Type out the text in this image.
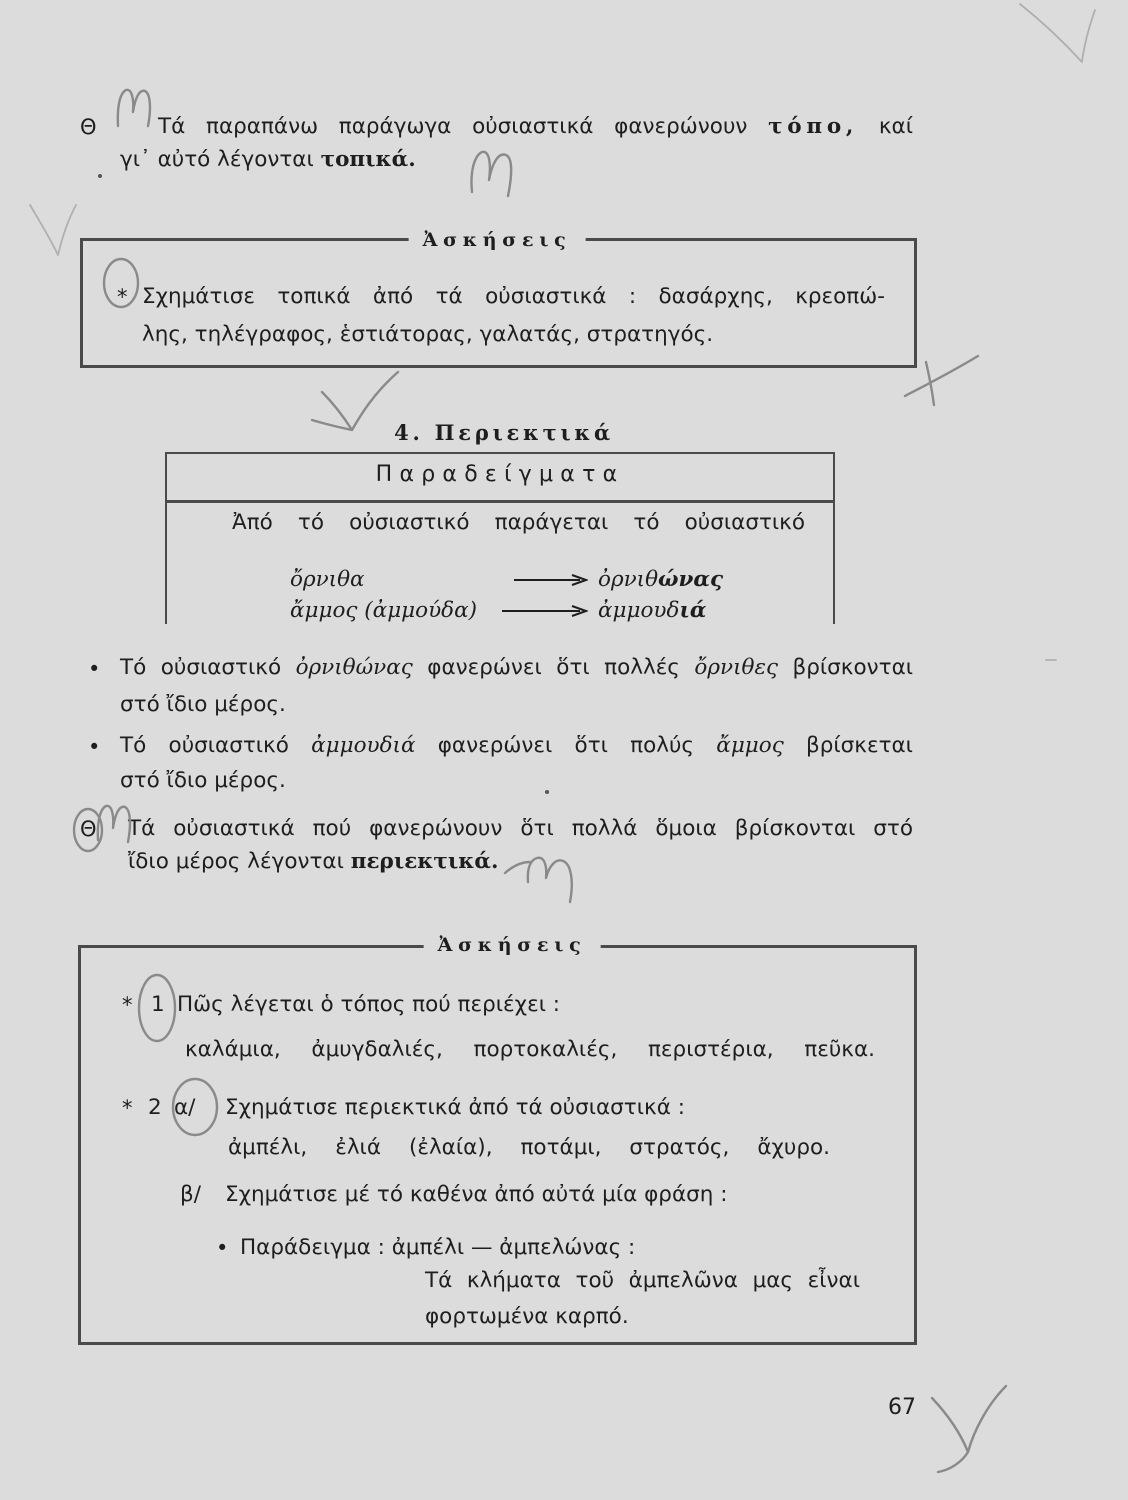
Θ	Τά παραπάνω παράγωγα οὐσιαστικά φανερώνουν τόπο, καί
γι᾽ αὐτό λέγονται τοπικά.
Ἀσκήσεις
* Σχημάτισε τοπικά ἀπό τά οὐσιαστικά : δασάρχης, κρεοπώ-
λης, τηλέγραφος, ἑστιάτορας, γαλατάς, στρατηγός.
4. Περιεκτικά
Παραδείγματα
Ἀπό τό οὐσιαστικό παράγεται τό οὐσιαστικό
ὄρνιθα	ὀρνιθώνας
ἄμμος (ἀμμούδα)	ἀμμουδιά
• Τό οὐσιαστικό ὀρνιθώνας φανερώνει ὅτι πολλές ὄρνιθες βρίσκονται
στό ἴδιο μέρος.
• Τό οὐσιαστικό ἀμμουδιά φανερώνει ὅτι πολύς ἄμμος βρίσκεται
στό ἴδιο μέρος.
Θ Τά οὐσιαστικά πού φανερώνουν ὅτι πολλά ὅμοια βρίσκονται στό
ἴδιο μέρος λέγονται περιεκτικά.
Ἀσκήσεις
* 1 Πῶς λέγεται ὁ τόπος πού περιέχει :
καλάμια, ἀμυγδαλιές, πορτοκαλιές, περιστέρια, πεῦκα.
* 2 α/ Σχημάτισε περιεκτικά ἀπό τά οὐσιαστικά :
ἀμπέλι, ἐλιά (ἐλαία), ποτάμι, στρατός, ἄχυρο.
β/ Σχημάτισε μέ τό καθένα ἀπό αὐτά μία φράση :
• Παράδειγμα : ἀμπέλι — ἀμπελώνας :
Τά κλήματα τοῦ ἀμπελῶνα μας εἶναι
φορτωμένα καρπό.
67
